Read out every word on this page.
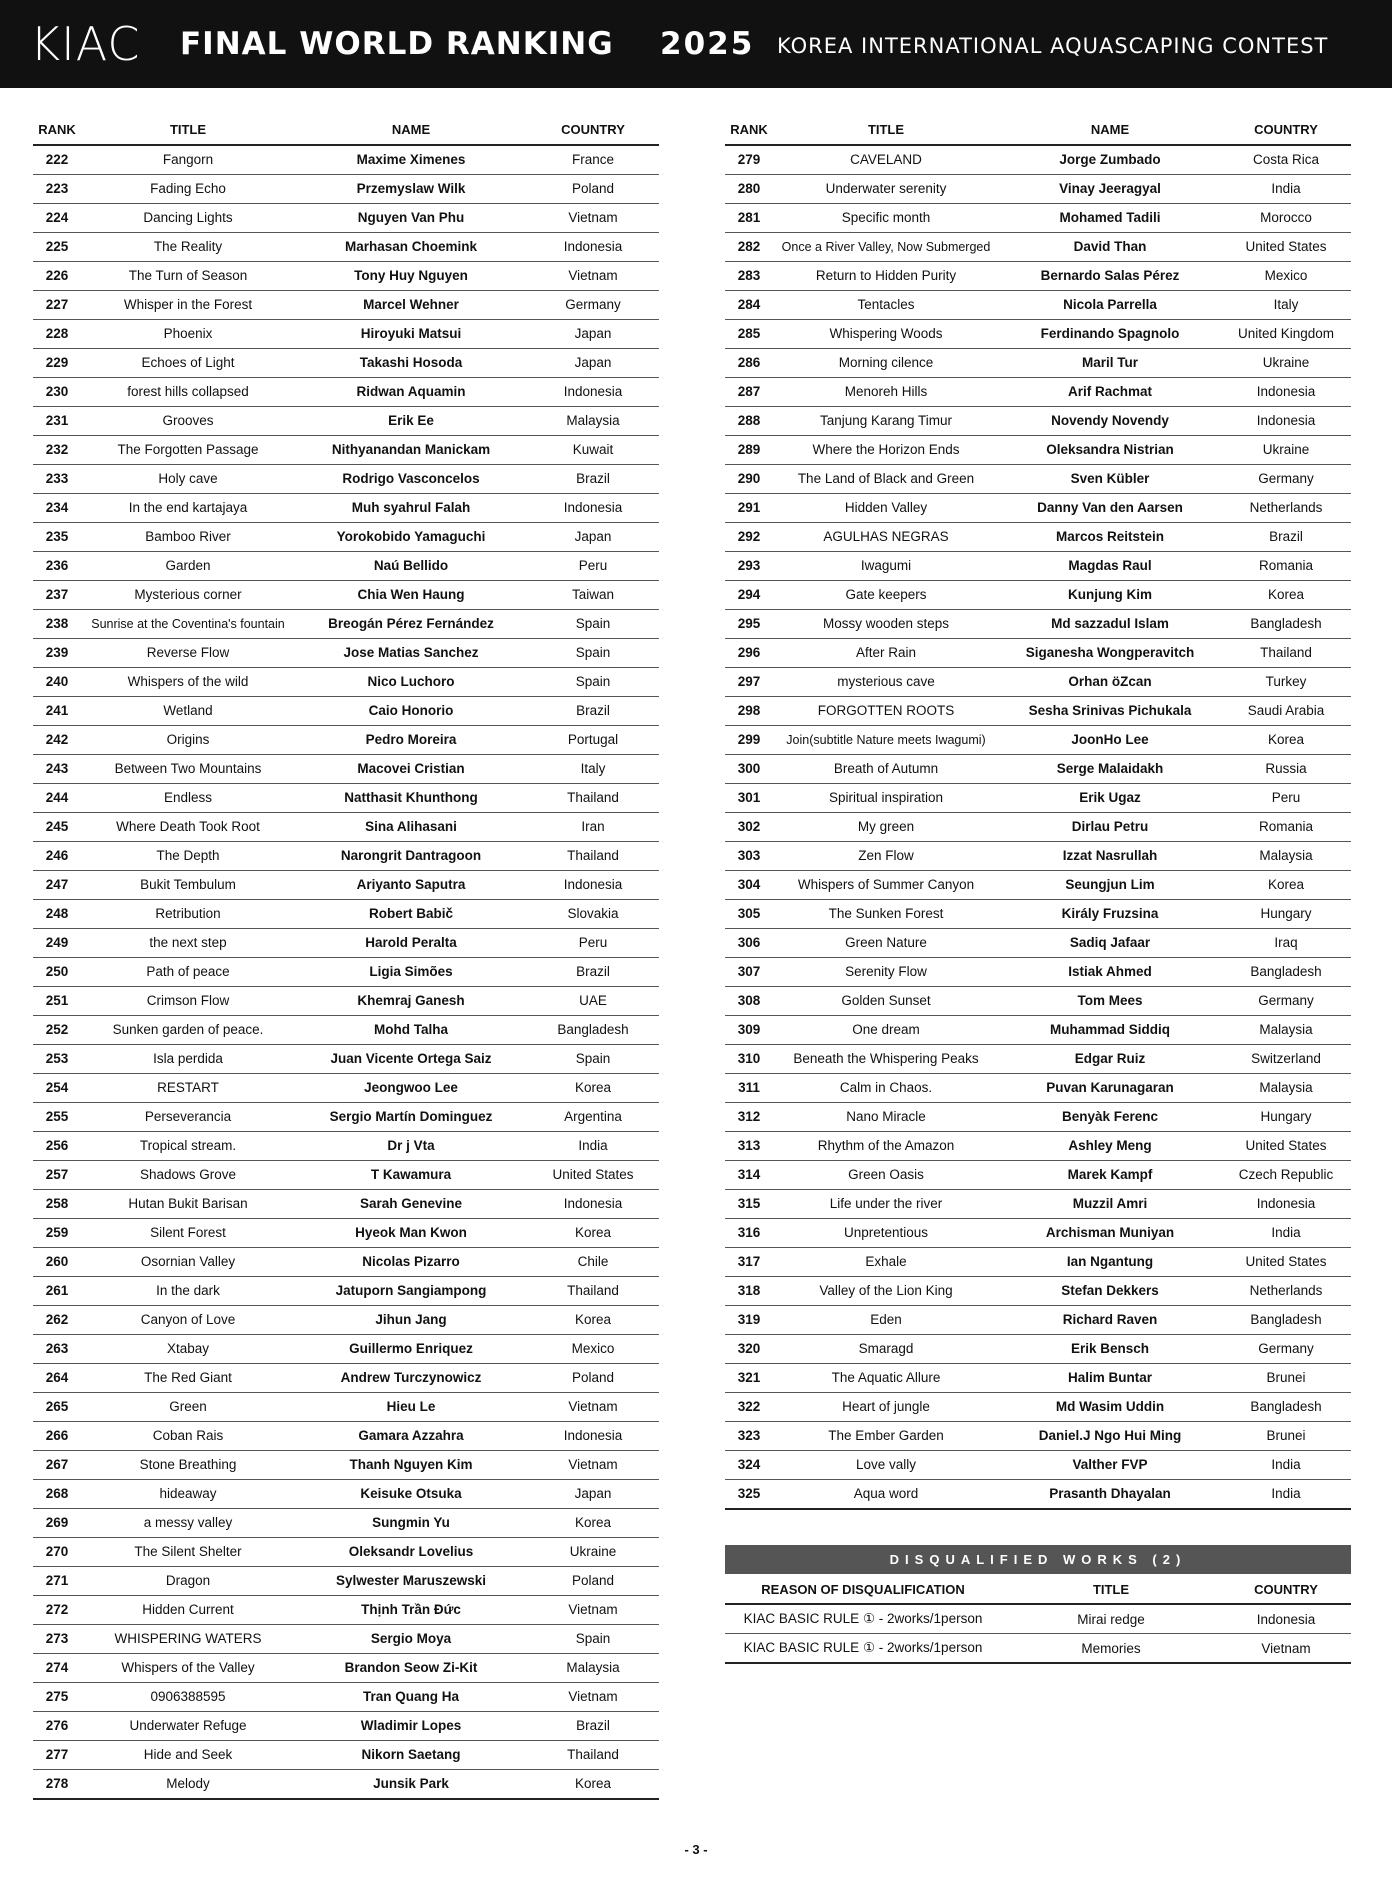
KIAC FINAL WORLD RANKING 2025 KOREA INTERNATIONAL AQUASCAPING CONTEST
RANK	TITLE	NAME	COUNTRY
222	Fangorn	Maxime Ximenes	France
223	Fading Echo	Przemyslaw Wilk	Poland
224	Dancing Lights	Nguyen Van Phu	Vietnam
225	The Reality	Marhasan Choemink	Indonesia
226	The Turn of Season	Tony Huy Nguyen	Vietnam
227	Whisper in the Forest	Marcel Wehner	Germany
228	Phoenix	Hiroyuki Matsui	Japan
229	Echoes of Light	Takashi Hosoda	Japan
230	forest hills collapsed	Ridwan Aquamin	Indonesia
231	Grooves	Erik Ee	Malaysia
232	The Forgotten Passage	Nithyanandan Manickam	Kuwait
233	Holy cave	Rodrigo Vasconcelos	Brazil
234	In the end kartajaya	Muh syahrul Falah	Indonesia
235	Bamboo River	Yorokobido Yamaguchi	Japan
236	Garden	Naú Bellido	Peru
237	Mysterious corner	Chia Wen Haung	Taiwan
238	Sunrise at the Coventina's fountain	Breogán Pérez Fernández	Spain
239	Reverse Flow	Jose Matias Sanchez	Spain
240	Whispers of the wild	Nico Luchoro	Spain
241	Wetland	Caio Honorio	Brazil
242	Origins	Pedro Moreira	Portugal
243	Between Two Mountains	Macovei Cristian	Italy
244	Endless	Natthasit Khunthong	Thailand
245	Where Death Took Root	Sina Alihasani	Iran
246	The Depth	Narongrit Dantragoon	Thailand
247	Bukit Tembulum	Ariyanto Saputra	Indonesia
248	Retribution	Robert Babič	Slovakia
249	the next step	Harold Peralta	Peru
250	Path of peace	Ligia Simões	Brazil
251	Crimson Flow	Khemraj Ganesh	UAE
252	Sunken garden of peace.	Mohd Talha	Bangladesh
253	Isla perdida	Juan Vicente Ortega Saiz	Spain
254	RESTART	Jeongwoo Lee	Korea
255	Perseverancia	Sergio Martín Dominguez	Argentina
256	Tropical stream.	Dr j Vta	India
257	Shadows Grove	T Kawamura	United States
258	Hutan Bukit Barisan	Sarah Genevine	Indonesia
259	Silent Forest	Hyeok Man Kwon	Korea
260	Osornian Valley	Nicolas Pizarro	Chile
261	In the dark	Jatuporn Sangiampong	Thailand
262	Canyon of Love	Jihun Jang	Korea
263	Xtabay	Guillermo Enriquez	Mexico
264	The Red Giant	Andrew Turczynowicz	Poland
265	Green	Hieu Le	Vietnam
266	Coban Rais	Gamara Azzahra	Indonesia
267	Stone Breathing	Thanh Nguyen Kim	Vietnam
268	hideaway	Keisuke Otsuka	Japan
269	a messy valley	Sungmin Yu	Korea
270	The Silent Shelter	Oleksandr Lovelius	Ukraine
271	Dragon	Sylwester Maruszewski	Poland
272	Hidden Current	Thịnh Trần Đức	Vietnam
273	WHISPERING WATERS	Sergio Moya	Spain
274	Whispers of the Valley	Brandon Seow Zi-Kit	Malaysia
275	0906388595	Tran Quang Ha	Vietnam
276	Underwater Refuge	Wladimir Lopes	Brazil
277	Hide and Seek	Nikorn Saetang	Thailand
278	Melody	Junsik Park	Korea
RANK	TITLE	NAME	COUNTRY
279	CAVELAND	Jorge Zumbado	Costa Rica
280	Underwater serenity	Vinay Jeeragyal	India
281	Specific month	Mohamed Tadili	Morocco
282	Once a River Valley, Now Submerged	David Than	United States
283	Return to Hidden Purity	Bernardo Salas Pérez	Mexico
284	Tentacles	Nicola Parrella	Italy
285	Whispering Woods	Ferdinando Spagnolo	United Kingdom
286	Morning cilence	Maril Tur	Ukraine
287	Menoreh Hills	Arif Rachmat	Indonesia
288	Tanjung Karang Timur	Novendy Novendy	Indonesia
289	Where the Horizon Ends	Oleksandra Nistrian	Ukraine
290	The Land of Black and Green	Sven Kübler	Germany
291	Hidden Valley	Danny Van den Aarsen	Netherlands
292	AGULHAS NEGRAS	Marcos Reitstein	Brazil
293	Iwagumi	Magdas Raul	Romania
294	Gate keepers	Kunjung Kim	Korea
295	Mossy wooden steps	Md sazzadul Islam	Bangladesh
296	After Rain	Siganesha Wongperavitch	Thailand
297	mysterious cave	Orhan öZcan	Turkey
298	FORGOTTEN ROOTS	Sesha Srinivas Pichukala	Saudi Arabia
299	Join(subtitle Nature meets Iwagumi)	JoonHo Lee	Korea
300	Breath of Autumn	Serge Malaidakh	Russia
301	Spiritual inspiration	Erik Ugaz	Peru
302	My green	Dirlau Petru	Romania
303	Zen Flow	Izzat Nasrullah	Malaysia
304	Whispers of Summer Canyon	Seungjun Lim	Korea
305	The Sunken Forest	Király Fruzsina	Hungary
306	Green Nature	Sadiq Jafaar	Iraq
307	Serenity Flow	Istiak Ahmed	Bangladesh
308	Golden Sunset	Tom Mees	Germany
309	One dream	Muhammad Siddiq	Malaysia
310	Beneath the Whispering Peaks	Edgar Ruiz	Switzerland
311	Calm in Chaos.	Puvan Karunagaran	Malaysia
312	Nano Miracle	Benyàk Ferenc	Hungary
313	Rhythm of the Amazon	Ashley Meng	United States
314	Green Oasis	Marek Kampf	Czech Republic
315	Life under the river	Muzzil Amri	Indonesia
316	Unpretentious	Archisman Muniyan	India
317	Exhale	Ian Ngantung	United States
318	Valley of the Lion King	Stefan Dekkers	Netherlands
319	Eden	Richard Raven	Bangladesh
320	Smaragd	Erik Bensch	Germany
321	The Aquatic Allure	Halim Buntar	Brunei
322	Heart of jungle	Md Wasim Uddin	Bangladesh
323	The Ember Garden	Daniel.J Ngo Hui Ming	Brunei
324	Love vally	Valther FVP	India
325	Aqua word	Prasanth Dhayalan	India
DISQUALIFIED WORKS (2)
REASON OF DISQUALIFICATION	TITLE	COUNTRY
KIAC BASIC RULE ① - 2works/1person	Mirai redge	Indonesia
KIAC BASIC RULE ① - 2works/1person	Memories	Vietnam
- 3 -
